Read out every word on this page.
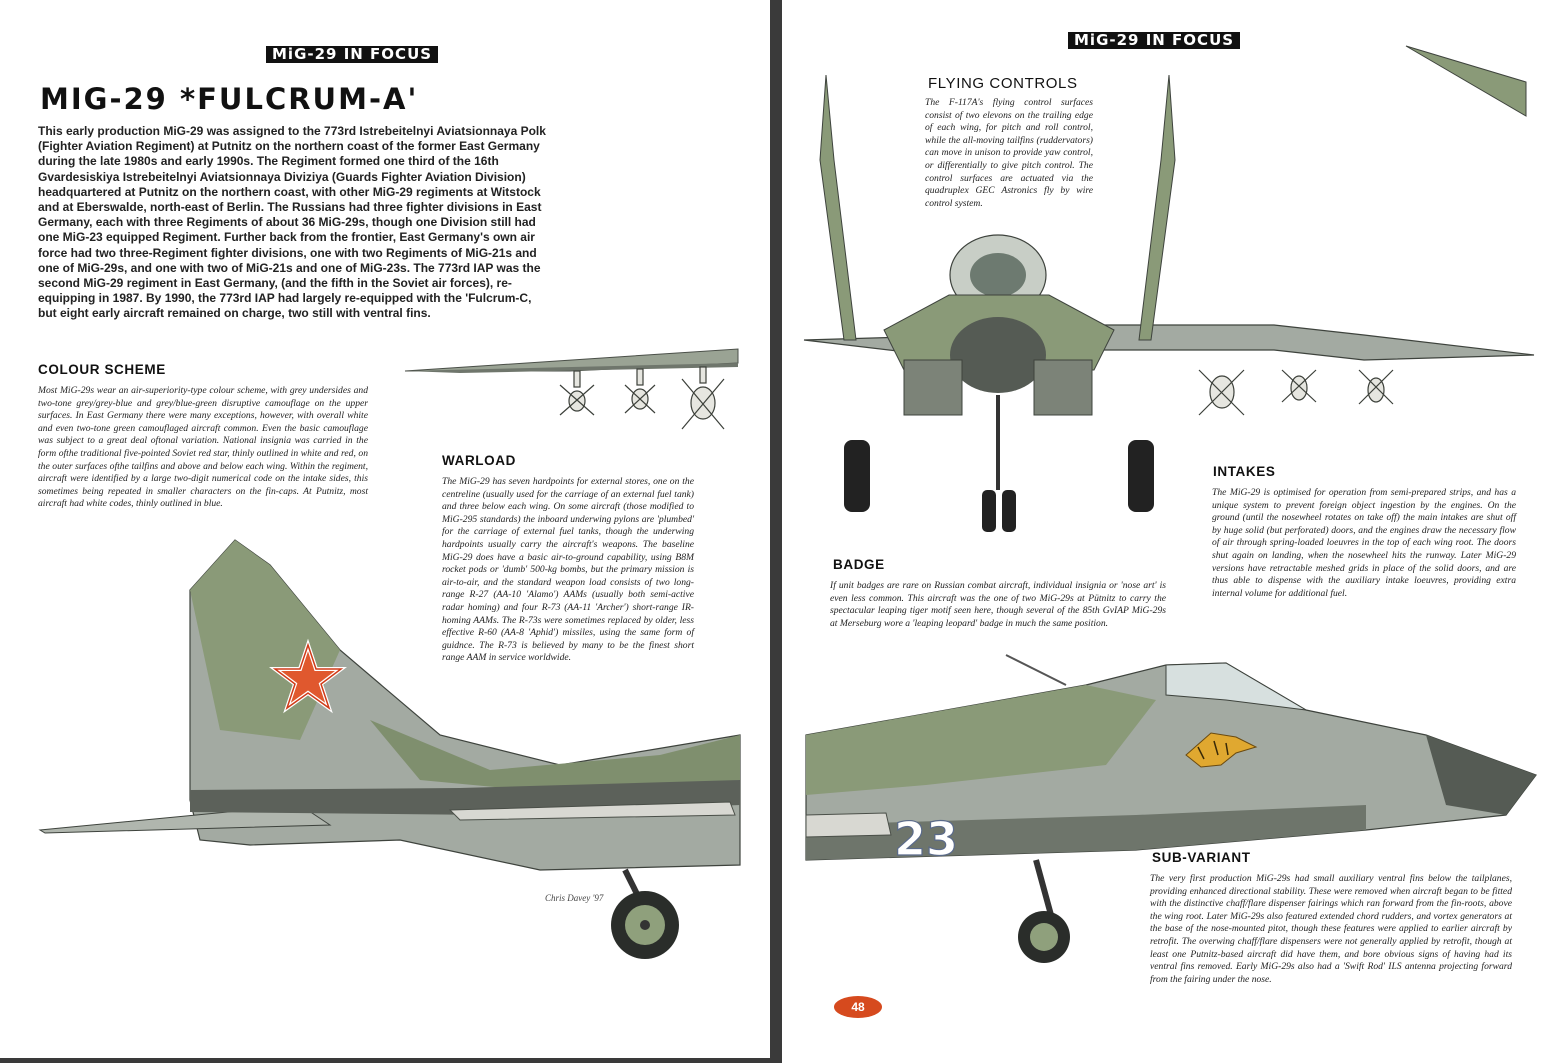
MiG-29 IN FOCUS
MIG-29 *FULCRUM-A'

This early production MiG-29 was assigned to the 773rd Istrebeitelnyi Aviatsionnaya Polk (Fighter Aviation Regiment) at Putnitz on the northern coast of the former East Germany during the late 1980s and early 1990s. The Regiment formed one third of the 16th Gvardesiskiya Istrebeitelnyi Aviatsionnaya Diviziya (Guards Fighter Aviation Division) headquartered at Putnitz on the northern coast, with other MiG-29 regiments at Witstock and at Eberswalde, north-east of Berlin. The Russians had three fighter divisions in East Germany, each with three Regiments of about 36 MiG-29s, though one Division still had one MiG-23 equipped Regiment. Further back from the frontier, East Germany's own air force had two three-Regiment fighter divisions, one with two Regiments of MiG-21s and one of MiG-29s, and one with two of MiG-21s and one of MiG-23s. The 773rd IAP was the second MiG-29 regiment in East Germany, (and the fifth in the Soviet air forces), re-equipping in 1987. By 1990, the 773rd IAP had largely re-equipped with the 'Fulcrum-C, but eight early aircraft remained on charge, two still with ventral fins.

COLOUR SCHEME

Most MiG-29s wear an air-superiority-type colour scheme, with grey undersides and two-tone grey/grey-blue and grey/blue-green disruptive camouflage on the upper surfaces. In East Germany there were many exceptions, however, with overall white and even two-tone green camouflaged aircraft common. Even the basic camouflage was subject to a great deal oftonal variation. National insignia was carried in the form ofthe traditional five-pointed Soviet red star, thinly outlined in white and red, on the outer surfaces ofthe tailfins and above and below each wing. Within the regiment, aircraft were identified by a large two-digit numerical code on the intake sides, this sometimes being repeated in smaller characters on the fin-caps. At Putnitz, most aircraft had white codes, thinly outlined in blue.

WARLOAD

The MiG-29 has seven hardpoints for external stores, one on the centreline (usually used for the carriage of an external fuel tank) and three below each wing. On some aircraft (those modified to MiG-295 standards) the inboard underwing pylons are 'plumbed' for the carriage of external fuel tanks, though the underwing hardpoints usually carry the aircraft's weapons. The baseline MiG-29 does have a basic air-to-ground capability, using B8M rocket pods or 'dumb' 500-kg bombs, but the primary mission is air-to-air, and the standard weapon load consists of two long-range R-27 (AA-10 'Alamo') AAMs (usually both semi-active radar homing) and four R-73 (AA-11 'Archer') short-range IR-homing AAMs. The R-73s were sometimes replaced by older, less effective R-60 (AA-8 'Aphid') missiles, using the same form of guidnce. The R-73 is believed by many to be the finest short range AAM in service worldwide.

Chris Davey '97
MiG-29 IN FOCUS
FLYING CONTROLS

The F-117A's flying control surfaces consist of two elevons on the trailing edge of each wing, for pitch and roll control, while the all-moving tailfins (ruddervators) can move in unison to provide yaw control, or differentially to give pitch control. The control surfaces are actuated via the quadruplex GEC Astronics fly by wire control system.

INTAKES

The MiG-29 is optimised for operation from semi-prepared strips, and has a unique system to prevent foreign object ingestion by the engines. On the ground (until the nosewheel rotates on take off) the main intakes are shut off by huge solid (but perforated) doors, and the engines draw the necessary flow of air through spring-loaded loeuvres in the top of each wing root. The doors shut again on landing, when the nosewheel hits the runway. Later MiG-29 versions have retractable meshed grids in place of the solid doors, and are thus able to dispense with the auxiliary intake loeuvres, providing extra internal volume for additional fuel.

BADGE

If unit badges are rare on Russian combat aircraft, individual insignia or 'nose art' is even less common. This aircraft was the one of two MiG-29s at Pütnitz to carry the spectacular leaping tiger motif seen here, though several of the 85th GvIAP MiG-29s at Merseburg wore a 'leaping leopard' badge in much the same position.

23	SUB-VARIANT

The very first production MiG-29s had small auxiliary ventral fins below the tailplanes, providing enhanced directional stability. These were removed when aircraft began to be fitted with the distinctive chaff/flare dispenser fairings which ran forward from the fin-roots, above the wing root. Later MiG-29s also featured extended chord rudders, and vortex generators at the base of the nose-mounted pitot, though these features were applied to earlier aircraft by retrofit. The overwing chaff/flare dispensers were not generally applied by retrofit, though at least one Putnitz-based aircraft did have them, and bore obvious signs of having had its ventral fins removed. Early MiG-29s also had a 'Swift Rod' ILS antenna projecting forward from the fairing under the nose.

48
